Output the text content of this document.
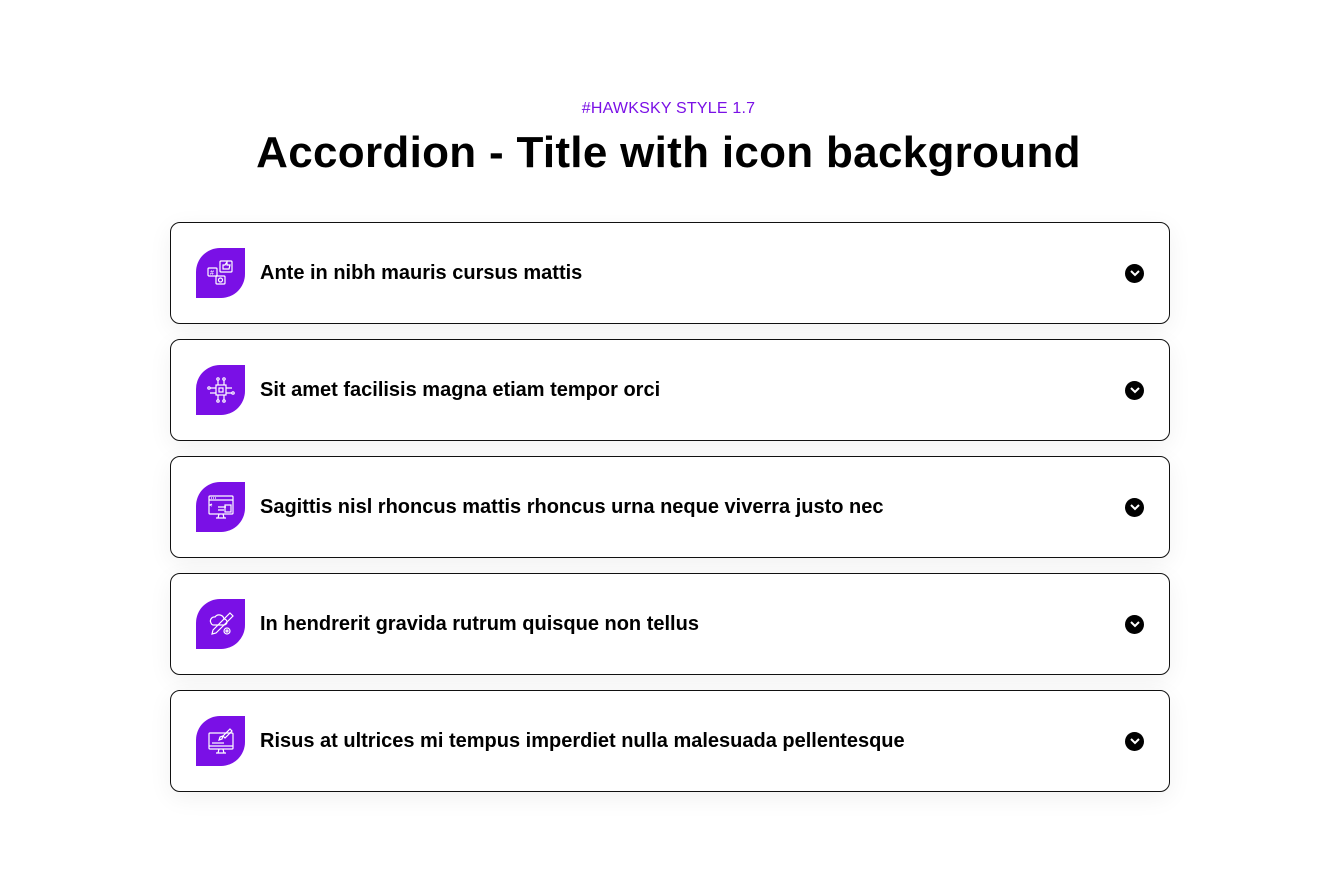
#HAWKSKY STYLE 1.7
Accordion - Title with icon background
# Ante in nibh mauris cursus mattis
Sit amet facilisis magna etiam tempor orci
Sagittis nisl rhoncus mattis rhoncus urna neque viverra justo nec
In hendrerit gravida rutrum quisque non tellus
Risus at ultrices mi tempus imperdiet nulla malesuada pellentesque
